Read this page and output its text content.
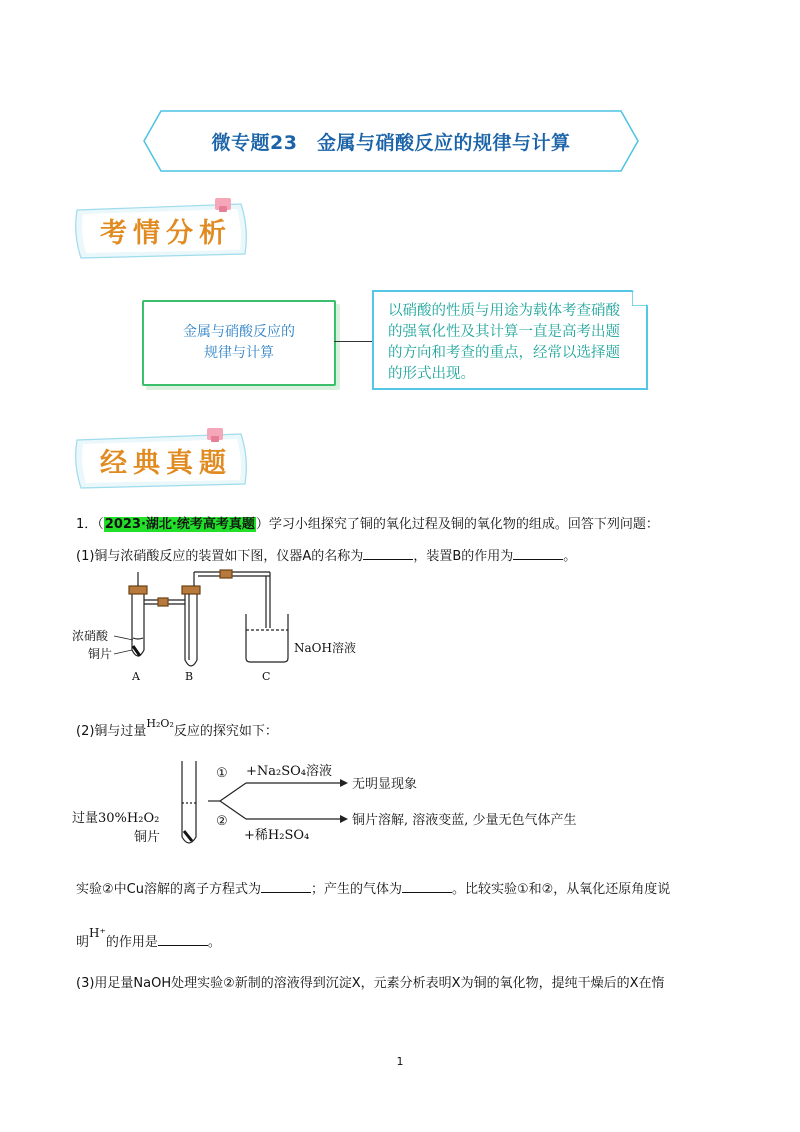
微专题23　金属与硝酸反应的规律与计算
考情分析
金属与硝酸反应的
规律与计算
以硝酸的性质与用途为载体考查硝酸
的强氧化性及其计算一直是高考出题
的方向和考查的重点，经常以选择题
的形式出现。
经典真题
1．（2023·湖北·统考高考真题）学习小组探究了铜的氧化过程及铜的氧化物的组成。回答下列问题：
(1)铜与浓硝酸反应的装置如下图，仪器A的名称为	，装置B的作用为	。
浓硝酸
铜片	NaOH溶液
A	B	C
(2)铜与过量$^{H_2O_2}$反应的探究如下：
① +Na₂SO₄溶液
无明显现象
②
+稀H₂SO₄
铜片溶解, 溶液变蓝, 少量无色气体产生
过量30%H₂O₂
铜片
实验②中Cu溶解的离子方程式为	；产生的气体为	。比较实验①和②，从氧化还原角度说
明H⁺的作用是	。
(3)用足量NaOH处理实验②新制的溶液得到沉淀X，元素分析表明X为铜的氧化物，提纯干燥后的X在惰
1
